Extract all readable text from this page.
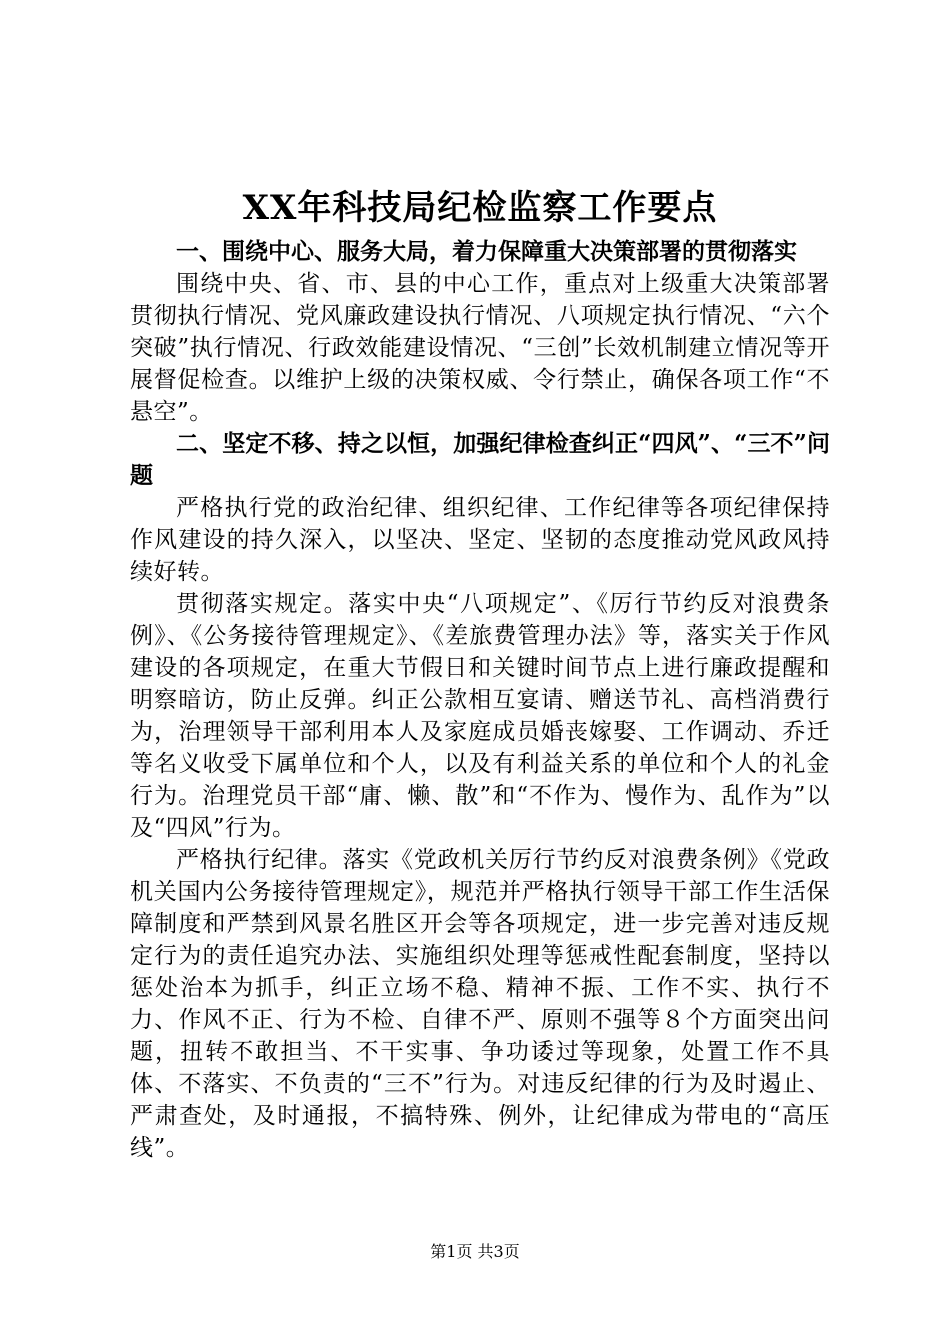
XX年科技局纪检监察工作要点

一、围绕中心、服务大局，着力保障重大决策部署的贯彻落实

围绕中央、省、市、县的中心工作，重点对上级重大决策部署贯彻执行情况、党风廉政建设执行情况、八项规定执行情况、“六个突破”执行情况、行政效能建设情况、“三创”长效机制建立情况等开展督促检查。以维护上级的决策权威、令行禁止，确保各项工作“不悬空”。

二、坚定不移、持之以恒，加强纪律检查纠正“四风”、“三不”问题

严格执行党的政治纪律、组织纪律、工作纪律等各项纪律保持作风建设的持久深入，以坚决、坚定、坚韧的态度推动党风政风持续好转。

贯彻落实规定。落实中央“八项规定”、《厉行节约反对浪费条例》、《公务接待管理规定》、《差旅费管理办法》等，落实关于作风建设的各项规定，在重大节假日和关键时间节点上进行廉政提醒和明察暗访，防止反弹。纠正公款相互宴请、赠送节礼、高档消费行为，治理领导干部利用本人及家庭成员婚丧嫁娶、工作调动、乔迁等名义收受下属单位和个人，以及有利益关系的单位和个人的礼金行为。治理党员干部“庸、懒、散”和“不作为、慢作为、乱作为”以及“四风”行为。

严格执行纪律。落实《党政机关厉行节约反对浪费条例》《党政机关国内公务接待管理规定》，规范并严格执行领导干部工作生活保障制度和严禁到风景名胜区开会等各项规定，进一步完善对违反规定行为的责任追究办法、实施组织处理等惩戒性配套制度，坚持以惩处治本为抓手，纠正立场不稳、精神不振、工作不实、执行不力、作风不正、行为不检、自律不严、原则不强等８个方面突出问题，扭转不敢担当、不干实事、争功诿过等现象，处置工作不具体、不落实、不负责的“三不”行为。对违反纪律的行为及时遏止、严肃查处，及时通报，不搞特殊、例外，让纪律成为带电的“高压线”。

第1页 共3页
